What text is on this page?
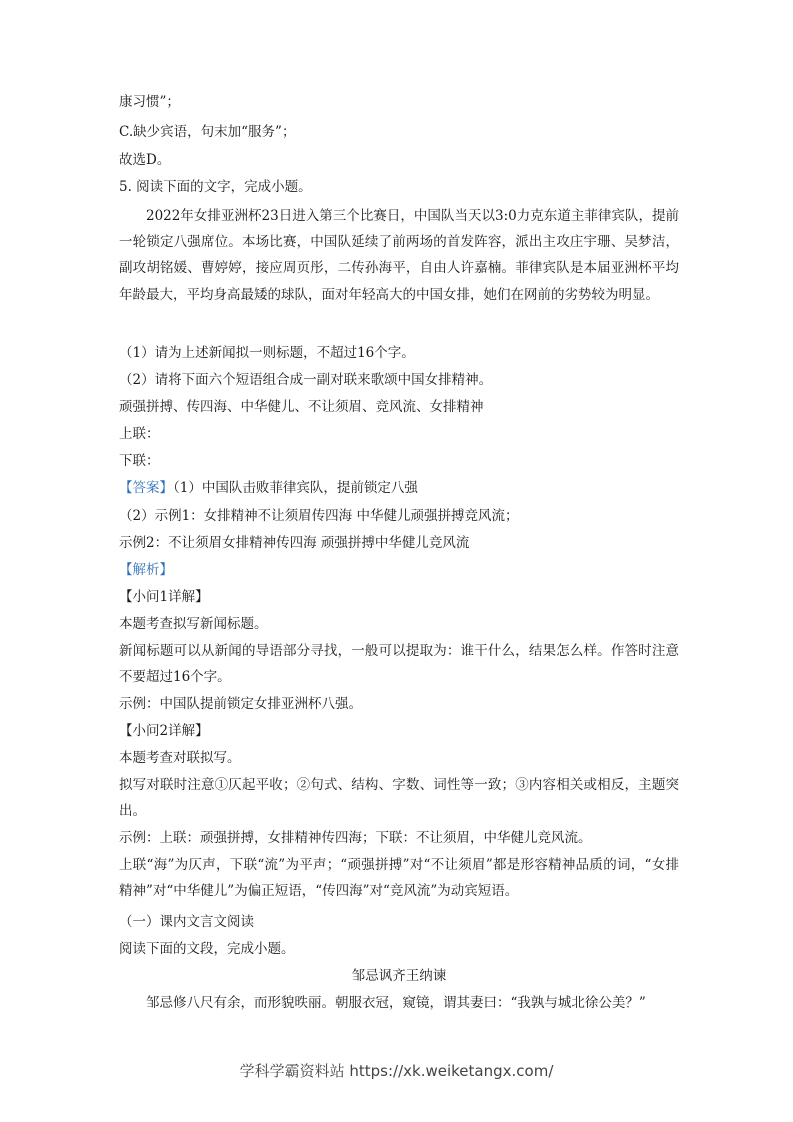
康习惯”；
C.缺少宾语，句末加“服务”；
故选D。
5. 阅读下面的文字，完成小题。
2022年女排亚洲杯23日进入第三个比赛日，中国队当天以3:0力克东道主菲律宾队，提前一轮锁定八强席位。本场比赛，中国队延续了前两场的首发阵容，派出主攻庄宇珊、吴梦洁，副攻胡铭媛、曹婷婷，接应周页彤，二传孙海平，自由人许嘉楠。菲律宾队是本届亚洲杯平均年龄最大，平均身高最矮的球队，面对年轻高大的中国女排，她们在网前的劣势较为明显。
（1）请为上述新闻拟一则标题，不超过16个字。
（2）请将下面六个短语组合成一副对联来歌颂中国女排精神。
顽强拼搏、传四海、中华健儿、不让须眉、竞风流、女排精神
上联：
下联：
【答案】（1）中国队击败菲律宾队，提前锁定八强
（2）示例1：女排精神不让须眉传四海 中华健儿顽强拼搏竞风流；
示例2：不让须眉女排精神传四海 顽强拼搏中华健儿竞风流
【解析】
【小问1详解】
本题考查拟写新闻标题。
新闻标题可以从新闻的导语部分寻找，一般可以提取为：谁干什么，结果怎么样。作答时注意不要超过16个字。
示例：中国队提前锁定女排亚洲杯八强。
【小问2详解】
本题考查对联拟写。
拟写对联时注意①仄起平收；②句式、结构、字数、词性等一致；③内容相关或相反，主题突出。
示例：上联：顽强拼搏，女排精神传四海；下联：不让须眉，中华健儿竞风流。
上联“海”为仄声，下联“流”为平声；“顽强拼搏”对“不让须眉”都是形容精神品质的词，“女排精神”对“中华健儿”为偏正短语，“传四海”对“竞风流”为动宾短语。
（一）课内文言文阅读
阅读下面的文段，完成小题。
邹忌讽齐王纳谏
邹忌修八尺有余，而形貌昳丽。朝服衣冠，窥镜，谓其妻曰：“我孰与城北徐公美？”
学科学霸资料站 https://xk.weiketangx.com/
